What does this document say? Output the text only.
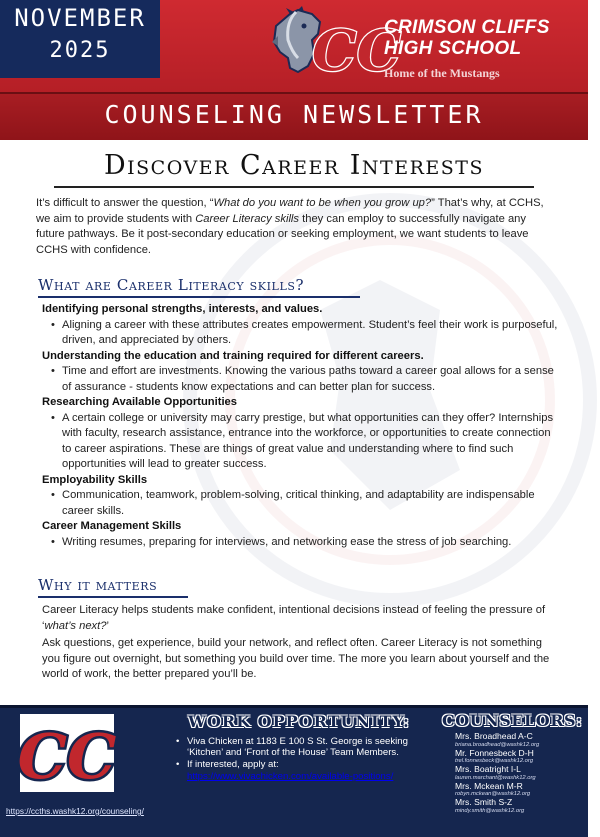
NOVEMBER
2025	CC
CRIMSON CLIFFS
HIGH SCHOOL
Home of the Mustangs
COUNSELING NEWSLETTER
Discover Career Interests

It’s difficult to answer the question, “What do you want to be when you grow up?” That’s why, at CCHS, we aim to provide students with Career Literacy skills they can employ to successfully navigate any future pathways. Be it post-secondary education or seeking employment, we want students to leave CCHS with confidence.

What are Career Literacy skills?
Identifying personal strengths, interests, and values.
• Aligning a career with these attributes creates empowerment. Student’s feel their work is purposeful, driven, and appreciated by others.
Understanding the education and training required for different careers.
• Time and effort are investments. Knowing the various paths toward a career goal allows for a sense of assurance - students know expectations and can better plan for success.
Researching Available Opportunities
• A certain college or university may carry prestige, but what opportunities can they offer? Internships with faculty, research assistance, entrance into the workforce, or opportunities to create connection to career aspirations. These are things of great value and understanding where to find such opportunities will lead to greater success.
Employability Skills
• Communication, teamwork, problem-solving, critical thinking, and adaptability are indispensable career skills.
Career Management Skills
• Writing resumes, preparing for interviews, and networking ease the stress of job searching.
Why it matters

Career Literacy helps students make confident, intentional decisions instead of feeling the pressure of ‘what’s next?’

Ask questions, get experience, build your network, and reflect often. Career Literacy is not something you figure out overnight, but something you build over time. The more you learn about yourself and the world of work, the better prepared you’ll be.

CC
https://ccths.washk12.org/counseling/
WORK OPPORTUNITY:
• Viva Chicken at 1183 E 100 S St. George is seeking ‘Kitchen’ and ‘Front of the House’ Team Members.
• If interested, apply at:
https://www.vivachicken.com/available-positions/
COUNSELORS:
Mrs. Broadhead A-C
briana.broadhead@washk12.org
Mr. Fonnesbeck D-H
trel.fonnesbeck@washk12.org
Mrs. Boatright I-L
lauren.marchant@washk12.org
Mrs. Mckean M-R
robyn.mckean@washk12.org
Mrs. Smith S-Z
mindy.smith@washk12.org
